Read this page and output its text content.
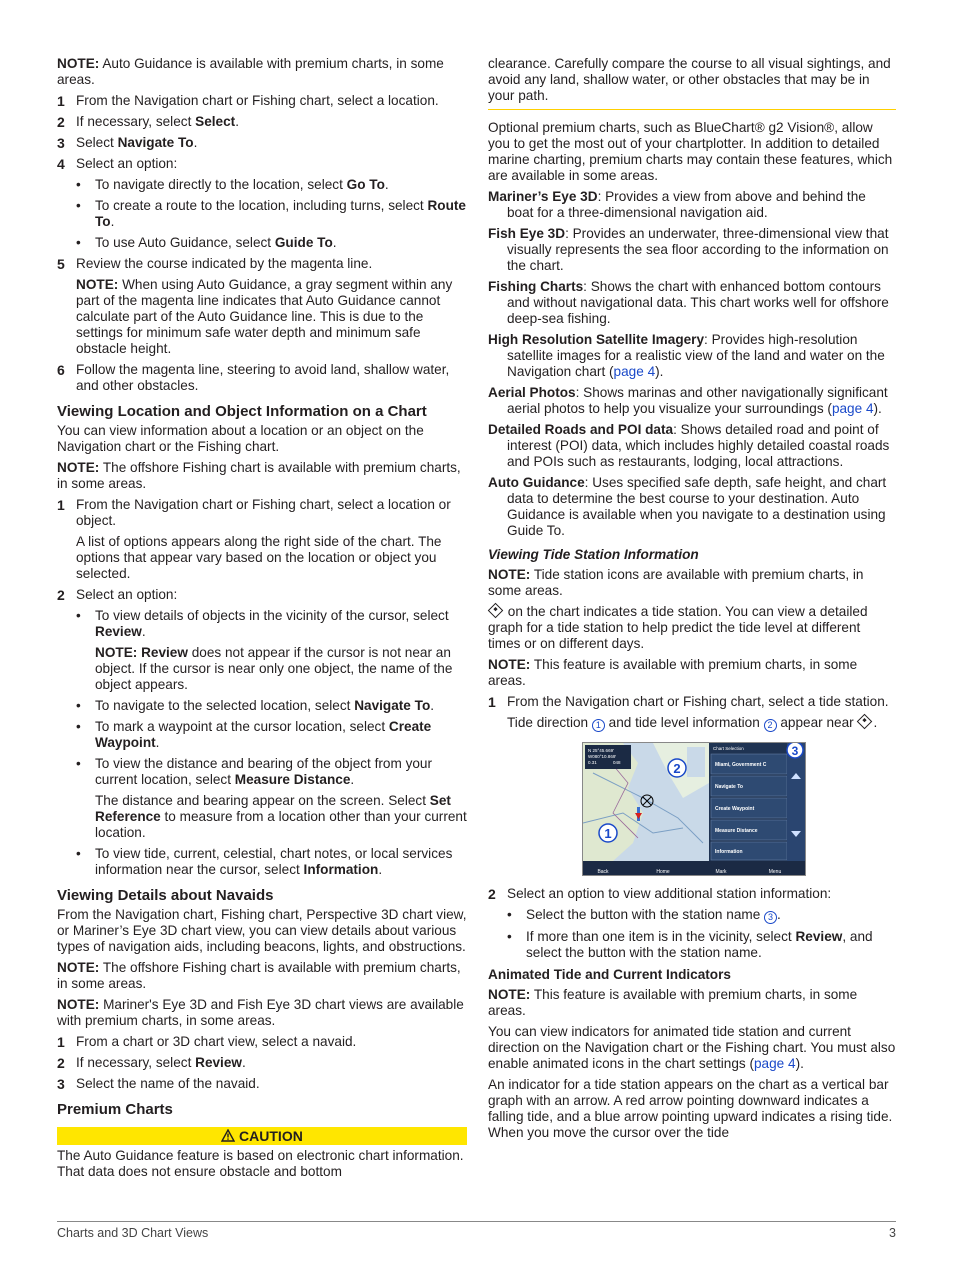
NOTE: Auto Guidance is available with premium charts, in some areas.

1 From the Navigation chart or Fishing chart, select a location.
2 If necessary, select Select.
3 Select Navigate To.
4 Select an option:
• To navigate directly to the location, select Go To.
• To create a route to the location, including turns, select Route To.
• To use Auto Guidance, select Guide To.
5 Review the course indicated by the magenta line.

NOTE: When using Auto Guidance, a gray segment within any part of the magenta line indicates that Auto Guidance cannot calculate part of the Auto Guidance line. This is due to the settings for minimum safe water depth and minimum safe obstacle height.

6 Follow the magenta line, steering to avoid land, shallow water, and other obstacles.
Viewing Location and Object Information on a Chart

You can view information about a location or an object on the Navigation chart or the Fishing chart.

NOTE: The offshore Fishing chart is available with premium charts, in some areas.

1 From the Navigation chart or Fishing chart, select a location or object.

A list of options appears along the right side of the chart. The options that appear vary based on the location or object you selected.

2 Select an option:
• To view details of objects in the vicinity of the cursor, select Review.

NOTE: Review does not appear if the cursor is not near an object. If the cursor is near only one object, the name of the object appears.

• To navigate to the selected location, select Navigate To.
• To mark a waypoint at the cursor location, select Create Waypoint.
• To view the distance and bearing of the object from your current location, select Measure Distance.

The distance and bearing appear on the screen. Select Set Reference to measure from a location other than your current location.

• To view tide, current, celestial, chart notes, or local services information near the cursor, select Information.
Viewing Details about Navaids

From the Navigation chart, Fishing chart, Perspective 3D chart view, or Mariner’s Eye 3D chart view, you can view details about various types of navigation aids, including beacons, lights, and obstructions.

NOTE: The offshore Fishing chart is available with premium charts, in some areas.

NOTE: Mariner's Eye 3D and Fish Eye 3D chart views are available with premium charts, in some areas.

1 From a chart or 3D chart view, select a navaid.
2 If necessary, select Review.
3 Select the name of the navaid.
Premium Charts
CAUTION

The Auto Guidance feature is based on electronic chart information. That data does not ensure obstacle and bottom

clearance. Carefully compare the course to all visual sightings, and avoid any land, shallow water, or other obstacles that may be in your path.

Optional premium charts, such as BlueChart® g2 Vision®, allow you to get the most out of your chartplotter. In addition to detailed marine charting, premium charts may contain these features, which are available in some areas.

Mariner’s Eye 3D: Provides a view from above and behind the boat for a three-dimensional navigation aid.

Fish Eye 3D: Provides an underwater, three-dimensional view that visually represents the sea floor according to the information on the chart.

Fishing Charts: Shows the chart with enhanced bottom contours and without navigational data. This chart works well for offshore deep-sea fishing.

High Resolution Satellite Imagery: Provides high-resolution satellite images for a realistic view of the land and water on the Navigation chart (page 4).

Aerial Photos: Shows marinas and other navigationally significant aerial photos to help you visualize your surroundings (page 4).

Detailed Roads and POI data: Shows detailed road and point of interest (POI) data, which includes highly detailed coastal roads and POIs such as restaurants, lodging, local attractions.

Auto Guidance: Uses specified safe depth, safe height, and chart data to determine the best course to your destination. Auto Guidance is available when you navigate to a destination using Guide To.

Viewing Tide Station Information

NOTE: Tide station icons are available with premium charts, in some areas.

on the chart indicates a tide station. You can view a detailed graph for a tide station to help predict the tide level at different times or on different days.

NOTE: This feature is available with premium charts, in some areas.

1 From the Navigation chart or Fishing chart, select a tide station.

Tide direction 1 and tide level information 2 appear near .

N 25°45.669'
W080°10.869'
0.31	048
Chart Selection
Miami, Government C
Navigate To
Create Waypoint
Measure Distance
Information
Back	Home	Mark	Menu
1
2
3
2 Select an option to view additional station information:
• Select the button with the station name 3 .
• If more than one item is in the vicinity, select Review, and select the button with the station name.
Animated Tide and Current Indicators

NOTE: This feature is available with premium charts, in some areas.

You can view indicators for animated tide station and current direction on the Navigation chart or the Fishing chart. You must also enable animated icons in the chart settings (page 4).

An indicator for a tide station appears on the chart as a vertical bar graph with an arrow. A red arrow pointing downward indicates a falling tide, and a blue arrow pointing upward indicates a rising tide. When you move the cursor over the tide

Charts and 3D Chart Views	3
